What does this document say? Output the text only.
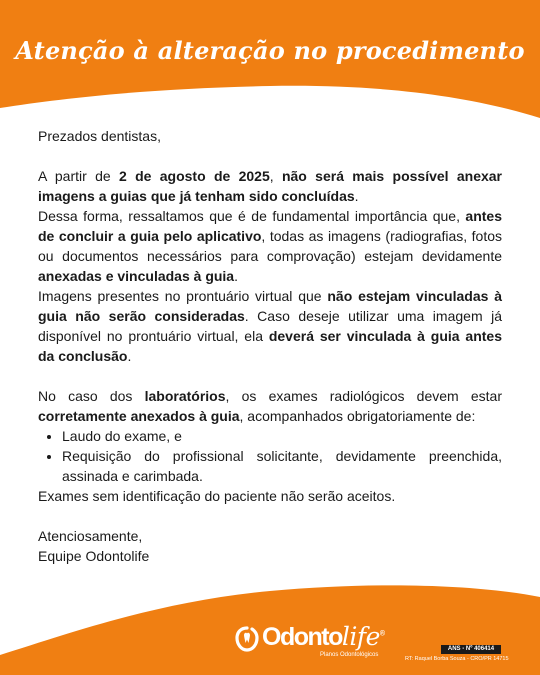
Atenção à alteração no procedimento

Prezados dentistas,

A partir de 2 de agosto de 2025, não será mais possível anexar imagens a guias que já tenham sido concluídas.

Dessa forma, ressaltamos que é de fundamental importância que, antes de concluir a guia pelo aplicativo, todas as imagens (radiografias, fotos ou documentos necessários para comprovação) estejam devidamente anexadas e vinculadas à guia.

Imagens presentes no prontuário virtual que não estejam vinculadas à guia não serão consideradas. Caso deseje utilizar uma imagem já disponível no prontuário virtual, ela deverá ser vinculada à guia antes da conclusão.

No caso dos laboratórios, os exames radiológicos devem estar corretamente anexados à guia, acompanhados obrigatoriamente de:

• Laudo do exame, e
• Requisição do profissional solicitante, devidamente preenchida, assinada e carimbada.

Exames sem identificação do paciente não serão aceitos.

Atenciosamente,

Equipe Odontolife

Odontolife®
Planos Odontológicos
ANS - Nº 406414
RT: Raquel Borba Souza - CRO/PR 14715
